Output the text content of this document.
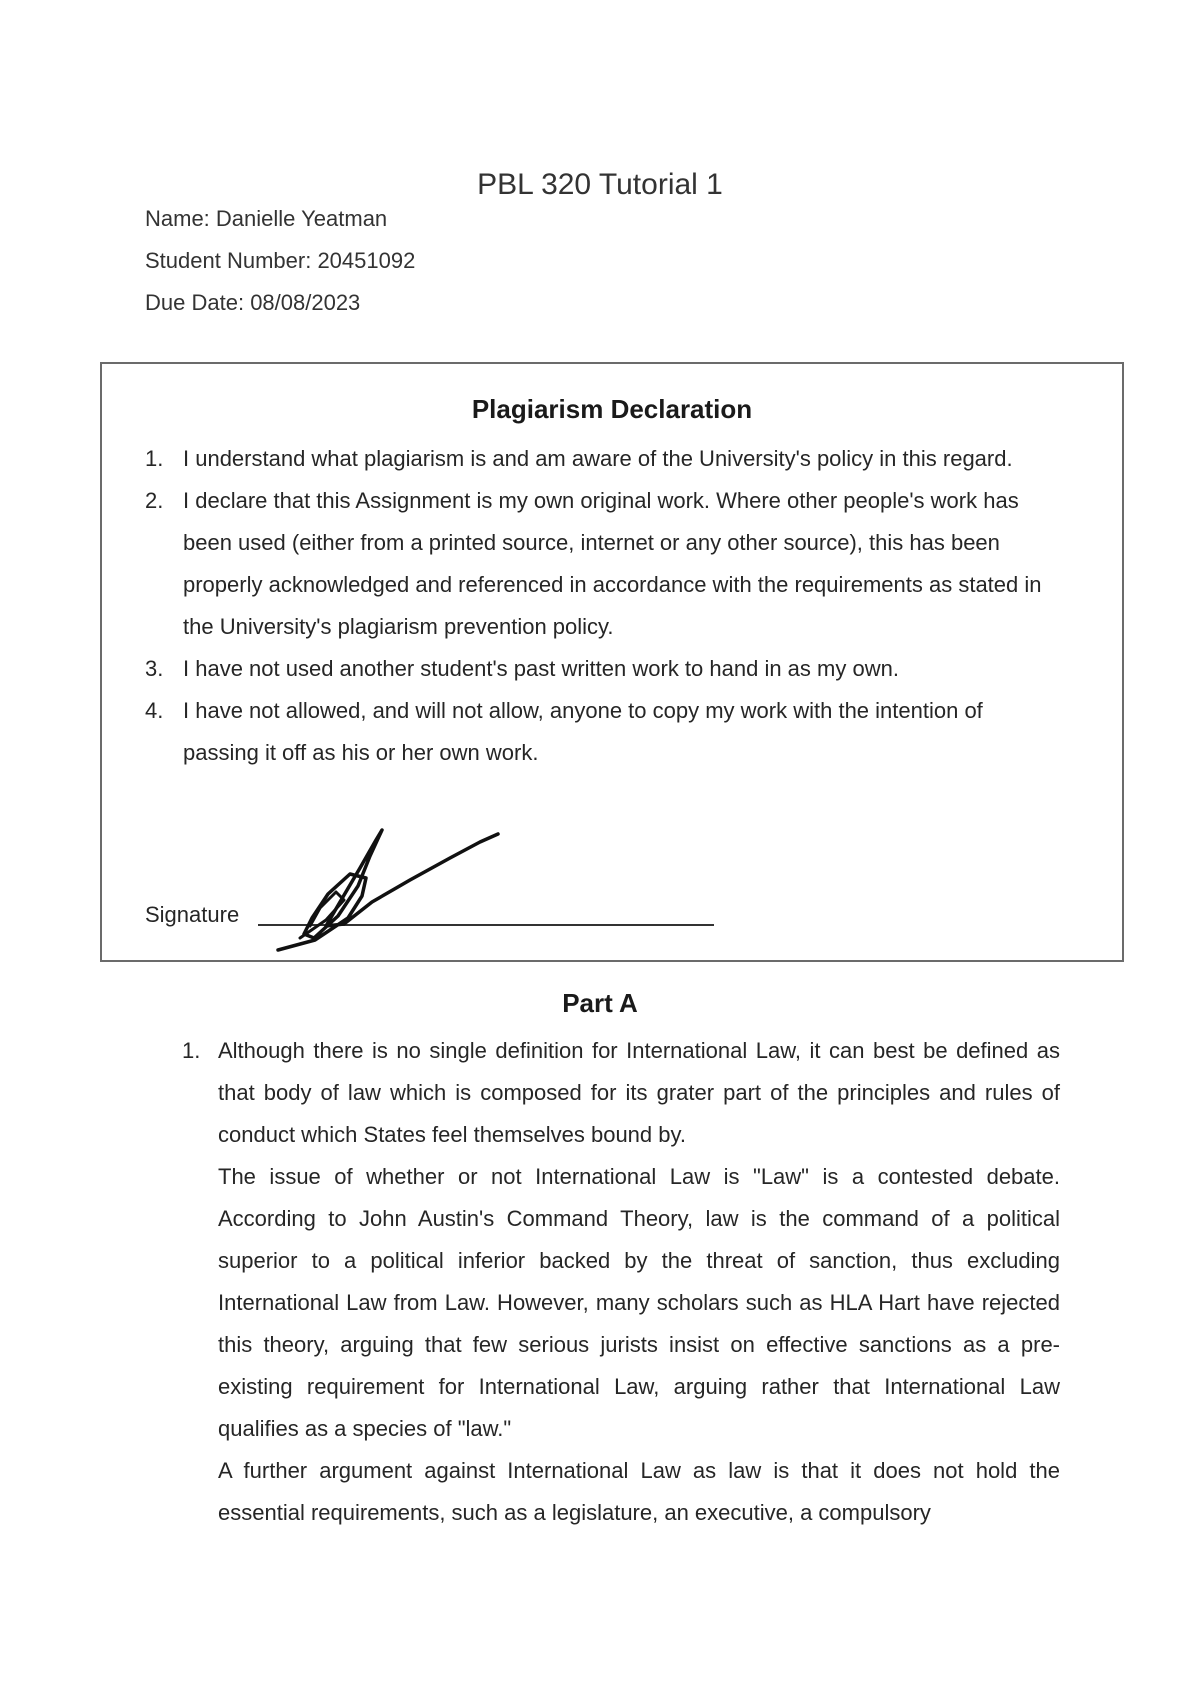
PBL 320 Tutorial 1
Name: Danielle Yeatman
Student Number: 20451092
Due Date: 08/08/2023
Plagiarism Declaration
1. I understand what plagiarism is and am aware of the University's policy in this regard.
2. I declare that this Assignment is my own original work. Where other people's work has been used (either from a printed source, internet or any other source), this has been properly acknowledged and referenced in accordance with the requirements as stated in the University's plagiarism prevention policy.
3. I have not used another student's past written work to hand in as my own.
4. I have not allowed, and will not allow, anyone to copy my work with the intention of passing it off as his or her own work.
Signature
Part A
1. Although there is no single definition for International Law, it can best be defined as that body of law which is composed for its grater part of the principles and rules of conduct which States feel themselves bound by.

The issue of whether or not International Law is "Law" is a contested debate. According to John Austin's Command Theory, law is the command of a political superior to a political inferior backed by the threat of sanction, thus excluding International Law from Law. However, many scholars such as HLA Hart have rejected this theory, arguing that few serious jurists insist on effective sanctions as a pre-existing requirement for International Law, arguing rather that International Law qualifies as a species of "law."

A further argument against International Law as law is that it does not hold the essential requirements, such as a legislature, an executive, a compulsory
